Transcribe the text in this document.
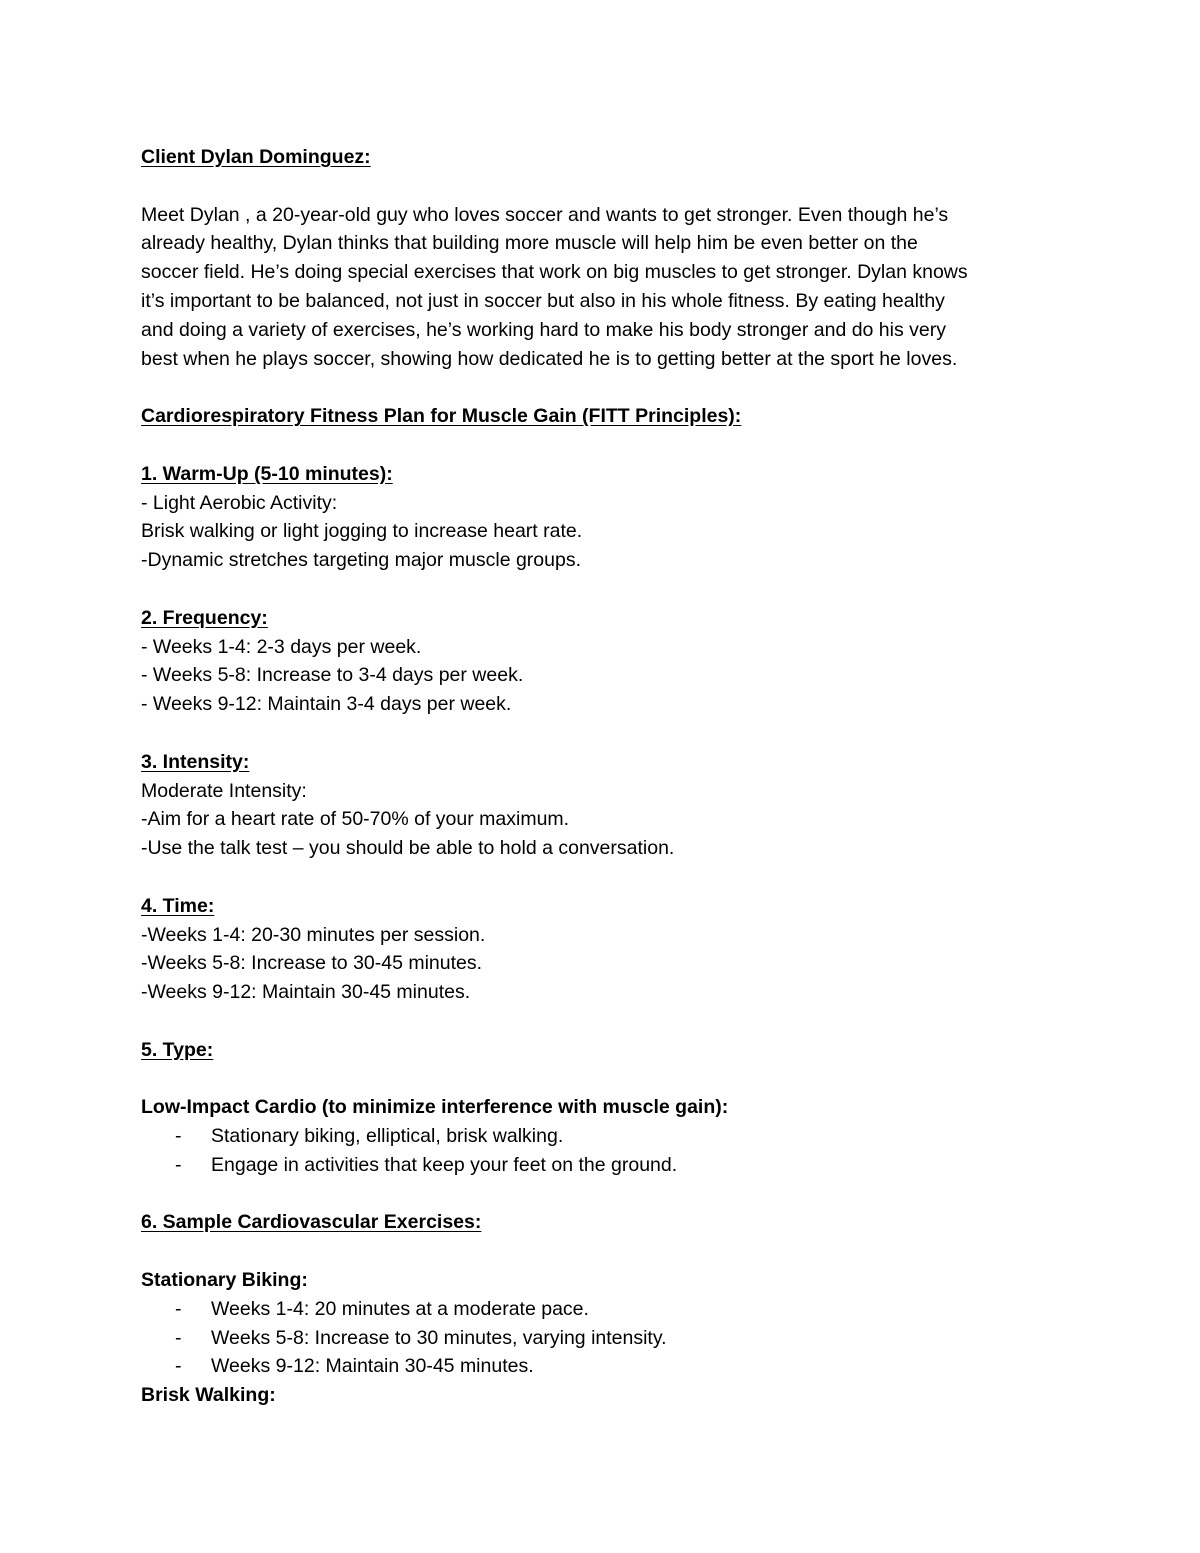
Client Dylan Dominguez:
Meet Dylan , a 20-year-old guy who loves soccer and wants to get stronger. Even though he’s
already healthy, Dylan thinks that building more muscle will help him be even better on the
soccer field. He’s doing special exercises that work on big muscles to get stronger. Dylan knows
it’s important to be balanced, not just in soccer but also in his whole fitness. By eating healthy
and doing a variety of exercises, he’s working hard to make his body stronger and do his very
best when he plays soccer, showing how dedicated he is to getting better at the sport he loves.
Cardiorespiratory Fitness Plan for Muscle Gain (FITT Principles):
1. Warm-Up (5-10 minutes):
- Light Aerobic Activity:
Brisk walking or light jogging to increase heart rate.
-Dynamic stretches targeting major muscle groups.
2. Frequency:
- Weeks 1-4: 2-3 days per week.
- Weeks 5-8: Increase to 3-4 days per week.
- Weeks 9-12: Maintain 3-4 days per week.
3. Intensity:
Moderate Intensity:
-Aim for a heart rate of 50-70% of your maximum.
-Use the talk test – you should be able to hold a conversation.
4. Time:
-Weeks 1-4: 20-30 minutes per session.
-Weeks 5-8: Increase to 30-45 minutes.
-Weeks 9-12: Maintain 30-45 minutes.
5. Type:
Low-Impact Cardio (to minimize interference with muscle gain):
- Stationary biking, elliptical, brisk walking.
- Engage in activities that keep your feet on the ground.
6. Sample Cardiovascular Exercises:
Stationary Biking:
- Weeks 1-4: 20 minutes at a moderate pace.
- Weeks 5-8: Increase to 30 minutes, varying intensity.
- Weeks 9-12: Maintain 30-45 minutes.
Brisk Walking:
